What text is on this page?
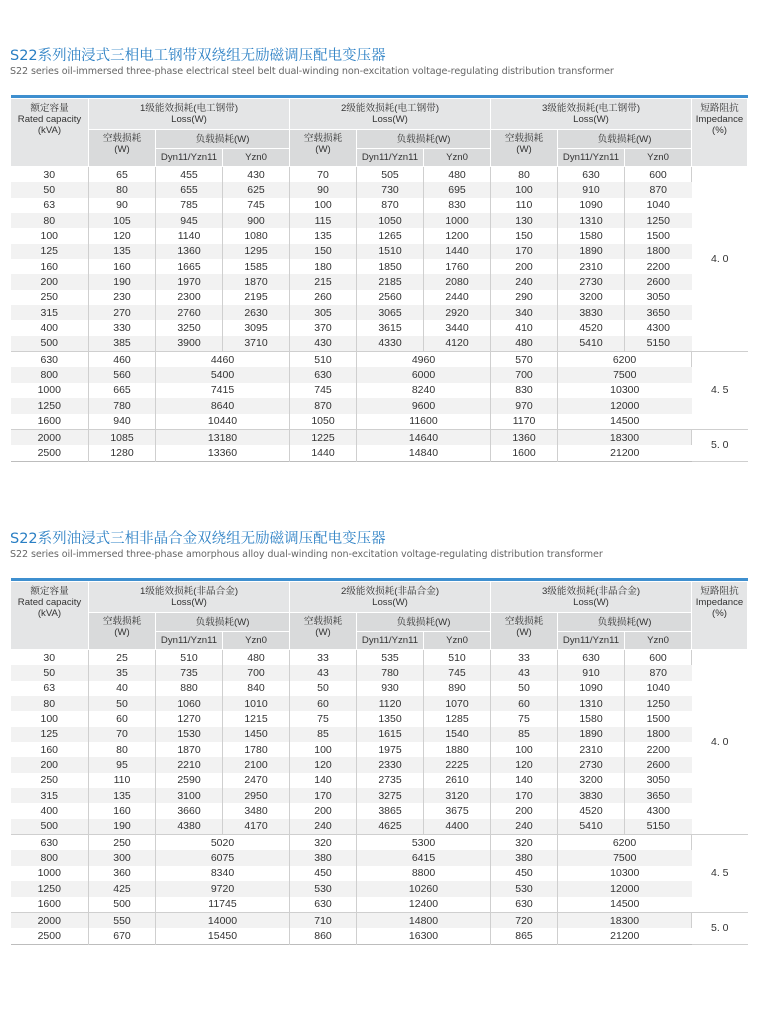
S22系列油浸式三相电工钢带双绕组无励磁调压配电变压器

S22 series oil-immersed three-phase electrical steel belt dual-winding non-excitation voltage-regulating distribution transformer

额定容量
Rated capacity
(kVA)	1级能效损耗(电工钢带)
Loss(W)			2级能效损耗(电工钢带)
Loss(W)			3级能效损耗(电工钢带)
Loss(W)			短路阻抗
Impedance
(%)
	空载损耗
(W)	负载损耗(W)		空载损耗
(W)	负载损耗(W)		空载损耗
(W)	负载损耗(W)		
		Dyn11/Yzn11	Yzn0		Dyn11/Yzn11	Yzn0		Dyn11/Yzn11	Yzn0	
30	65	455	430	70	505	480	80	630	600	4. 0
50	80	655	625	90	730	695	100	910	870	
63	90	785	745	100	870	830	110	1090	1040	
80	105	945	900	115	1050	1000	130	1310	1250	
100	120	1140	1080	135	1265	1200	150	1580	1500	
125	135	1360	1295	150	1510	1440	170	1890	1800	
160	160	1665	1585	180	1850	1760	200	2310	2200	
200	190	1970	1870	215	2185	2080	240	2730	2600	
250	230	2300	2195	260	2560	2440	290	3200	3050	
315	270	2760	2630	305	3065	2920	340	3830	3650	
400	330	3250	3095	370	3615	3440	410	4520	4300	
500	385	3900	3710	430	4330	4120	480	5410	5150	
630	460	4460		510	4960		570	6200		4. 5
800	560	5400		630	6000		700	7500		
1000	665	7415		745	8240		830	10300		
1250	780	8640		870	9600		970	12000		
1600	940	10440		1050	11600		1170	14500		
2000	1085	13180		1225	14640		1360	18300		5. 0
2500	1280	13360		1440	14840		1600	21200		

S22系列油浸式三相非晶合金双绕组无励磁调压配电变压器

S22 series oil-immersed three-phase amorphous alloy dual-winding non-excitation voltage-regulating distribution transformer

额定容量
Rated capacity
(kVA)	1级能效损耗(非晶合金)
Loss(W)			2级能效损耗(非晶合金)
Loss(W)			3级能效损耗(非晶合金)
Loss(W)			短路阻抗
Impedance
(%)
	空载损耗
(W)	负载损耗(W)		空载损耗
(W)	负载损耗(W)		空载损耗
(W)	负载损耗(W)		
		Dyn11/Yzn11	Yzn0		Dyn11/Yzn11	Yzn0		Dyn11/Yzn11	Yzn0	
30	25	510	480	33	535	510	33	630	600	4. 0
50	35	735	700	43	780	745	43	910	870	
63	40	880	840	50	930	890	50	1090	1040	
80	50	1060	1010	60	1120	1070	60	1310	1250	
100	60	1270	1215	75	1350	1285	75	1580	1500	
125	70	1530	1450	85	1615	1540	85	1890	1800	
160	80	1870	1780	100	1975	1880	100	2310	2200	
200	95	2210	2100	120	2330	2225	120	2730	2600	
250	110	2590	2470	140	2735	2610	140	3200	3050	
315	135	3100	2950	170	3275	3120	170	3830	3650	
400	160	3660	3480	200	3865	3675	200	4520	4300	
500	190	4380	4170	240	4625	4400	240	5410	5150	
630	250	5020		320	5300		320	6200		4. 5
800	300	6075		380	6415		380	7500		
1000	360	8340		450	8800		450	10300		
1250	425	9720		530	10260		530	12000		
1600	500	11745		630	12400		630	14500		
2000	550	14000		710	14800		720	18300		5. 0
2500	670	15450		860	16300		865	21200		
